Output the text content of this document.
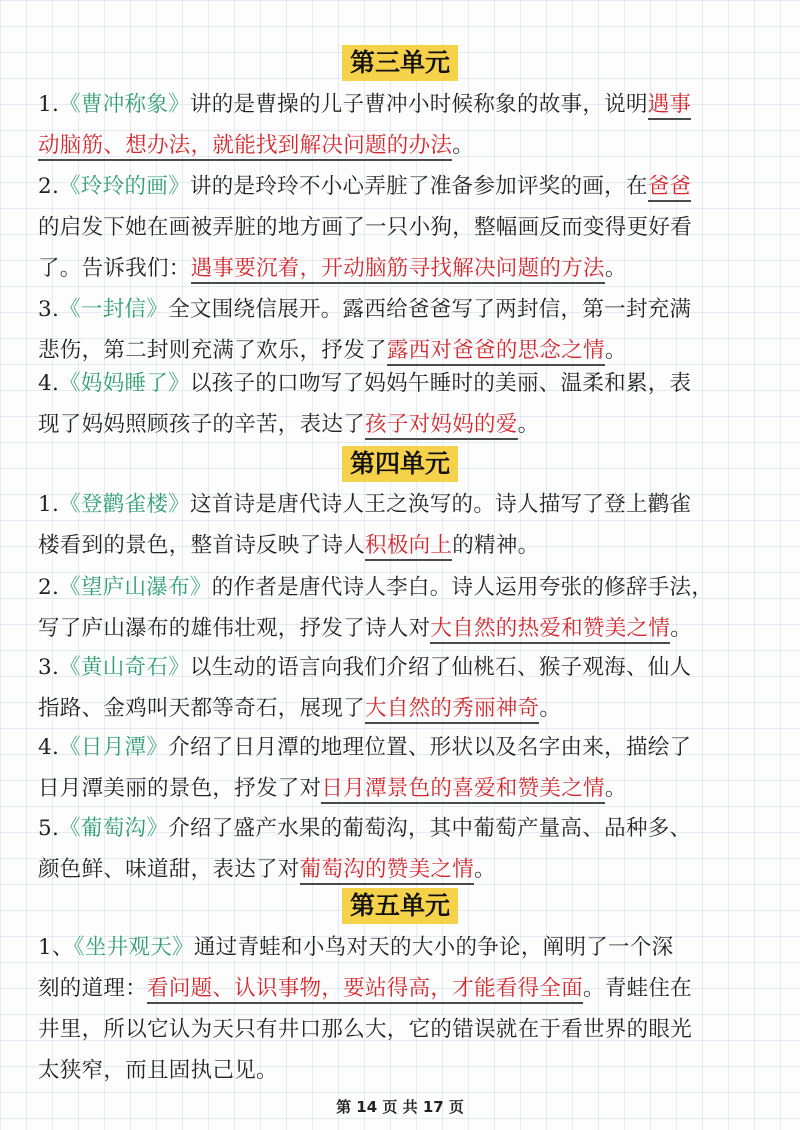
第三单元

1.《曹冲称象》讲的是曹操的儿子曹冲小时候称象的故事，说明遇事

动脑筋、想办法，就能找到解决问题的办法。

2.《玲玲的画》讲的是玲玲不小心弄脏了准备参加评奖的画，在爸爸

的启发下她在画被弄脏的地方画了一只小狗，整幅画反而变得更好看

了。告诉我们：遇事要沉着，开动脑筋寻找解决问题的方法。

3.《一封信》全文围绕信展开。露西给爸爸写了两封信，第一封充满

悲伤，第二封则充满了欢乐，抒发了露西对爸爸的思念之情。

4.《妈妈睡了》以孩子的口吻写了妈妈午睡时的美丽、温柔和累，表

现了妈妈照顾孩子的辛苦，表达了孩子对妈妈的爱。

第四单元

1.《登鹳雀楼》这首诗是唐代诗人王之涣写的。诗人描写了登上鹳雀

楼看到的景色，整首诗反映了诗人积极向上的精神。

2.《望庐山瀑布》的作者是唐代诗人李白。诗人运用夸张的修辞手法，

写了庐山瀑布的雄伟壮观，抒发了诗人对大自然的热爱和赞美之情。

3.《黄山奇石》以生动的语言向我们介绍了仙桃石、猴子观海、仙人

指路、金鸡叫天都等奇石，展现了大自然的秀丽神奇。

4.《日月潭》介绍了日月潭的地理位置、形状以及名字由来，描绘了

日月潭美丽的景色，抒发了对日月潭景色的喜爱和赞美之情。

5.《葡萄沟》介绍了盛产水果的葡萄沟，其中葡萄产量高、品种多、

颜色鲜、味道甜，表达了对葡萄沟的赞美之情。

第五单元

1、《坐井观天》通过青蛙和小鸟对天的大小的争论，阐明了一个深

刻的道理：看问题、认识事物，要站得高，才能看得全面。青蛙住在

井里，所以它认为天只有井口那么大，它的错误就在于看世界的眼光

太狭窄，而且固执己见。

第 14 页 共 17 页
